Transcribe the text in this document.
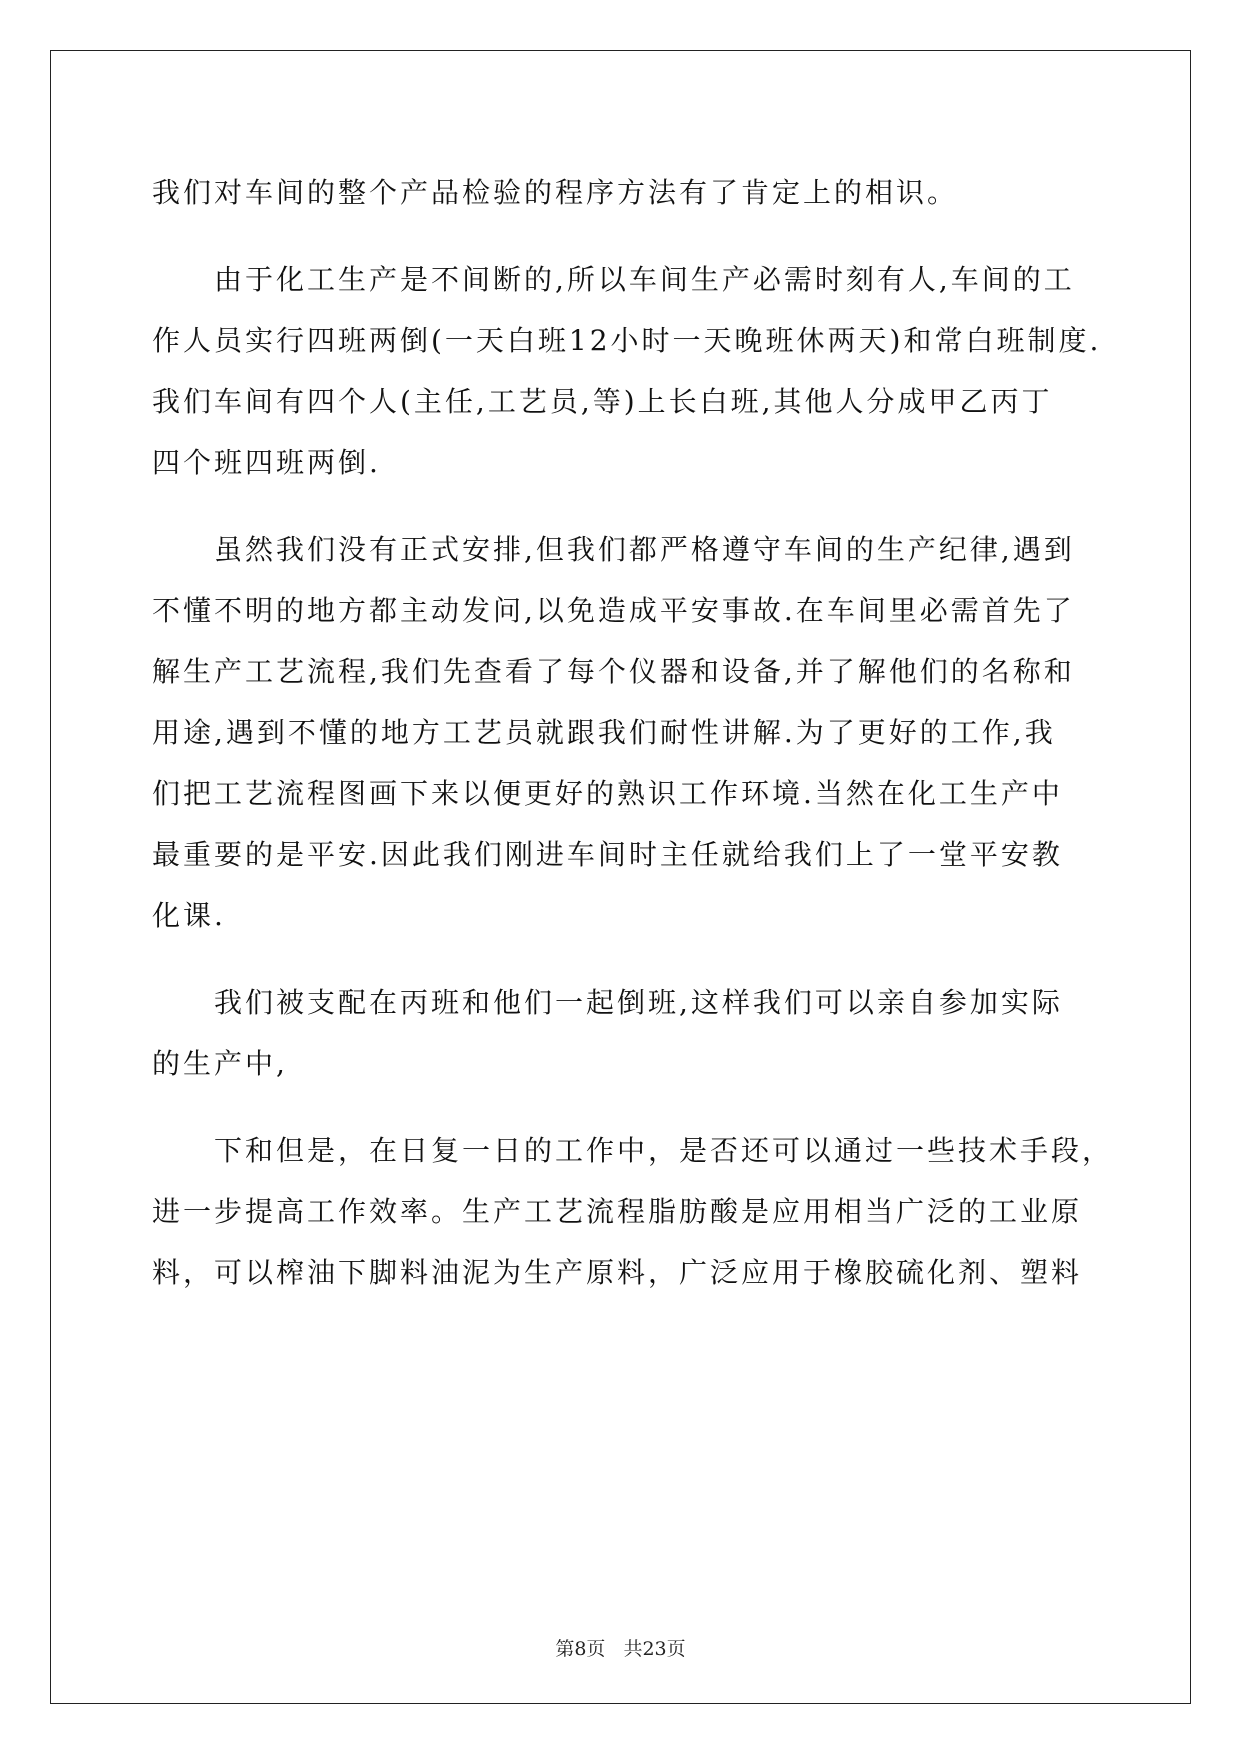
我们对车间的整个产品检验的程序方法有了肯定上的相识。
由于化工生产是不间断的,所以车间生产必需时刻有人,车间的工
作人员实行四班两倒(一天白班12小时一天晚班休两天)和常白班制度.
我们车间有四个人(主任,工艺员,等)上长白班,其他人分成甲乙丙丁
四个班四班两倒.
虽然我们没有正式安排,但我们都严格遵守车间的生产纪律,遇到
不懂不明的地方都主动发问,以免造成平安事故.在车间里必需首先了
解生产工艺流程,我们先查看了每个仪器和设备,并了解他们的名称和
用途,遇到不懂的地方工艺员就跟我们耐性讲解.为了更好的工作,我
们把工艺流程图画下来以便更好的熟识工作环境.当然在化工生产中
最重要的是平安.因此我们刚进车间时主任就给我们上了一堂平安教
化课.
我们被支配在丙班和他们一起倒班,这样我们可以亲自参加实际
的生产中,
下和但是，在日复一日的工作中，是否还可以通过一些技术手段，
进一步提高工作效率。生产工艺流程脂肪酸是应用相当广泛的工业原
料，可以榨油下脚料油泥为生产原料，广泛应用于橡胶硫化剂、塑料
第8页 共23页
